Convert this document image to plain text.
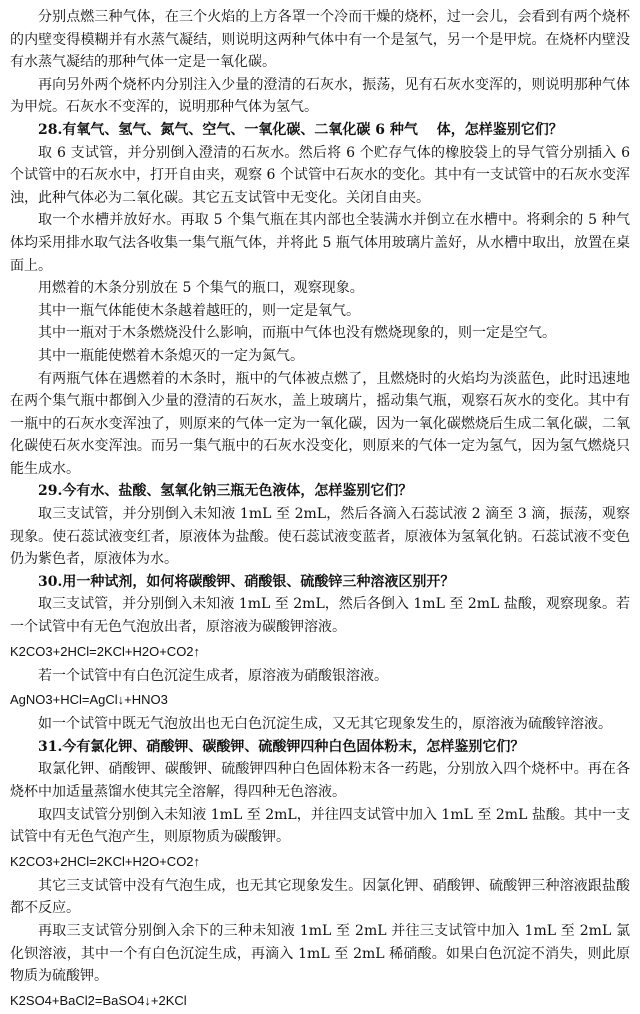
分别点燃三种气体，在三个火焰的上方各罩一个冷而干燥的烧杯，过一会儿，会看到有两个烧杯的内壁变得模糊并有水蒸气凝结，则说明这两种气体中有一个是氢气，另一个是甲烷。在烧杯内壁没有水蒸气凝结的那种气体一定是一氧化碳。

再向另外两个烧杯内分别注入少量的澄清的石灰水，振荡，见有石灰水变浑的，则说明那种气体为甲烷。石灰水不变浑的，说明那种气体为氢气。

28.有氧气、氢气、氮气、空气、一氧化碳、二氧化碳 6 种气　 体，怎样鉴别它们？

取 6 支试管，并分别倒入澄清的石灰水。然后将 6 个贮存气体的橡胶袋上的导气管分别插入 6 个试管中的石灰水中，打开自由夹，观察 6 个试管中石灰水的变化。其中有一支试管中的石灰水变浑浊，此种气体必为二氧化碳。其它五支试管中无变化。关闭自由夹。

取一个水槽并放好水。再取 5 个集气瓶在其内部也全装满水并倒立在水槽中。将剩余的 5 种气体均采用排水取气法各收集一集气瓶气体，并将此 5 瓶气体用玻璃片盖好，从水槽中取出，放置在桌面上。

用燃着的木条分别放在 5 个集气的瓶口，观察现象。

其中一瓶气体能使木条越着越旺的，则一定是氧气。

其中一瓶对于木条燃烧没什么影响，而瓶中气体也没有燃烧现象的，则一定是空气。

其中一瓶能使燃着木条熄灭的一定为氮气。

有两瓶气体在遇燃着的木条时，瓶中的气体被点燃了，且燃烧时的火焰均为淡蓝色，此时迅速地在两个集气瓶中都倒入少量的澄清的石灰水，盖上玻璃片，摇动集气瓶，观察石灰水的变化。其中有一瓶中的石灰水变浑浊了，则原来的气体一定为一氧化碳，因为一氧化碳燃烧后生成二氧化碳，二氧化碳使石灰水变浑浊。而另一集气瓶中的石灰水没变化，则原来的气体一定为氢气，因为氢气燃烧只能生成水。

29.今有水、盐酸、氢氧化钠三瓶无色液体，怎样鉴别它们？

取三支试管，并分别倒入未知液 1mL 至 2mL，然后各滴入石蕊试液 2 滴至 3 滴，振荡，观察现象。使石蕊试液变红者，原液体为盐酸。使石蕊试液变蓝者，原液体为氢氧化钠。石蕊试液不变色仍为紫色者，原液体为水。

30.用一种试剂，如何将碳酸钾、硝酸银、硫酸锌三种溶液区别开？

取三支试管，并分别倒入未知液 1mL 至 2mL，然后各倒入 1mL 至 2mL 盐酸，观察现象。若一个试管中有无色气泡放出者，原溶液为碳酸钾溶液。

K2CO3+2HCl=2KCl+H2O+CO2↑

若一个试管中有白色沉淀生成者，原溶液为硝酸银溶液。

AgNO3+HCl=AgCl↓+HNO3

如一个试管中既无气泡放出也无白色沉淀生成，又无其它现象发生的，原溶液为硫酸锌溶液。

31.今有氯化钾、硝酸钾、碳酸钾、硫酸钾四种白色固体粉末，怎样鉴别它们？

取氯化钾、硝酸钾、碳酸钾、硫酸钾四种白色固体粉末各一药匙，分别放入四个烧杯中。再在各烧杯中加适量蒸馏水使其完全溶解，得四种无色溶液。

取四支试管分别倒入未知液 1mL 至 2mL，并往四支试管中加入 1mL 至 2mL 盐酸。其中一支试管中有无色气泡产生，则原物质为碳酸钾。

K2CO3+2HCl=2KCl+H2O+CO2↑

其它三支试管中没有气泡生成，也无其它现象发生。因氯化钾、硝酸钾、硫酸钾三种溶液跟盐酸都不反应。

再取三支试管分别倒入余下的三种未知液 1mL 至 2mL 并往三支试管中加入 1mL 至 2mL 氯化钡溶液，其中一个有白色沉淀生成，再滴入 1mL 至 2mL 稀硝酸。如果白色沉淀不消失，则此原物质为硫酸钾。

K2SO4+BaCl2=BaSO4↓+2KCl
